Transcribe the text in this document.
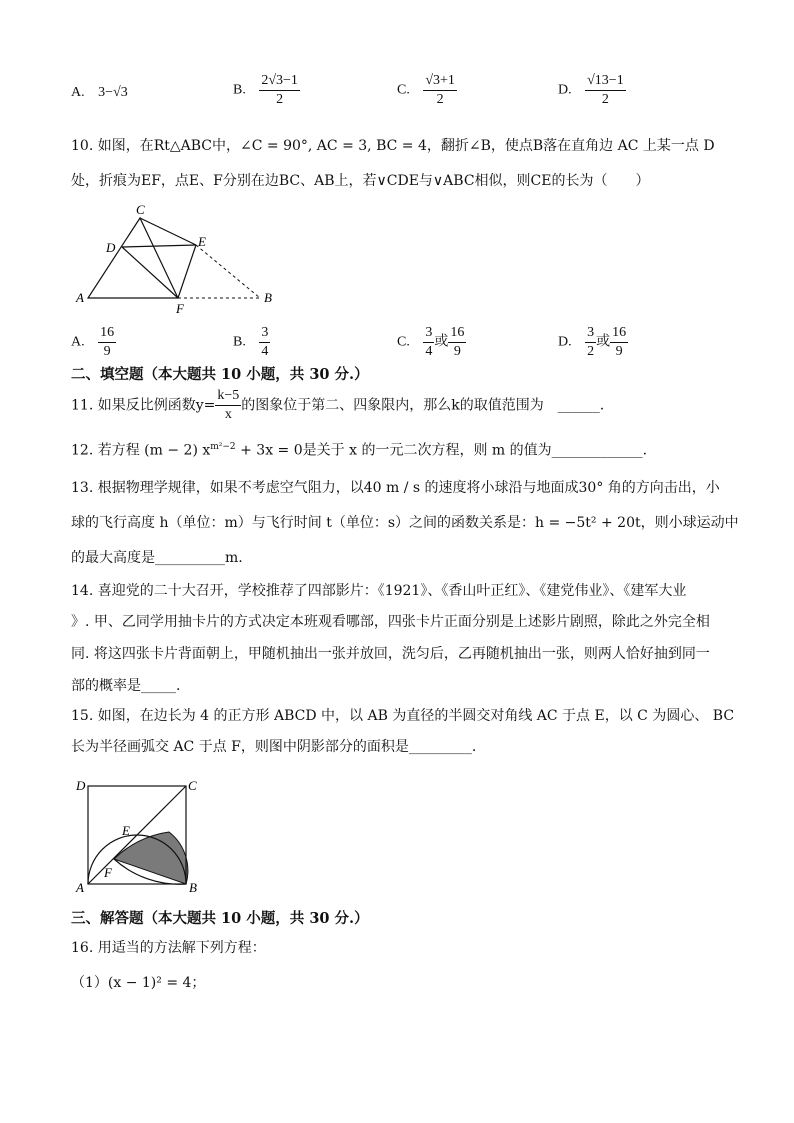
A. 3−√3	B. $\frac{2√3-1}{2}$	C. $\frac{√3+1}{2}$	D. $\frac{√13-1}{2}$
10. 如图，在Rt△ABC中，∠C = 90°, AC = 3, BC = 4，翻折∠B，使点B落在直角边 AC 上某一点 D
处，折痕为EF，点E、F分别在边BC、AB上，若∨CDE与∨ABC相似，则CE的长为（　　）
C
D	E
A
F
B
A. $\frac{16}{9}$	B. $\frac{3}{4}$	C. $\frac{3}{4}$ 或 $\frac{16}{9}$	D. $\frac{3}{2}$ 或 $\frac{16}{9}$
二、填空题（本大题共 10 小题，共 30 分.）
11. 如果反比例函数$y= \frac{k-5}{x}$ 的图象位于第二、四象限内，那么k的取值范围为　______.
12. 若方程 (m − 2) $x^{m^2-2} + 3x = 0$是关于 x 的一元二次方程，则 m 的值为_____________.
13. 根据物理学规律，如果不考虑空气阻力，以40 m / s 的速度将小球沿与地面成30° 角的方向击出，小
球的飞行高度 h（单位：m）与飞行时间 t（单位：s）之间的函数关系是：h = −5t² + 20t，则小球运动中
的最大高度是__________m.
14. 喜迎党的二十大召开，学校推荐了四部影片：《1921》、《香山叶正红》、《建党伟业》、《建军大业
》. 甲、乙同学用抽卡片的方式决定本班观看哪部，四张卡片正面分别是上述影片剧照，除此之外完全相
同. 将这四张卡片背面朝上，甲随机抽出一张并放回，洗匀后，乙再随机抽出一张，则两人恰好抽到同一
部的概率是_____.
15. 如图，在边长为 4 的正方形 ABCD 中，以 AB 为直径的半圆交对角线 AC 于点 E，以 C 为圆心、 BC
长为半径画弧交 AC 于点 F，则图中阴影部分的面积是_________.
D	C
E
F
A	B
三、解答题（本大题共 10 小题，共 30 分.）
16. 用适当的方法解下列方程：
（1）(x − 1)² = 4；
